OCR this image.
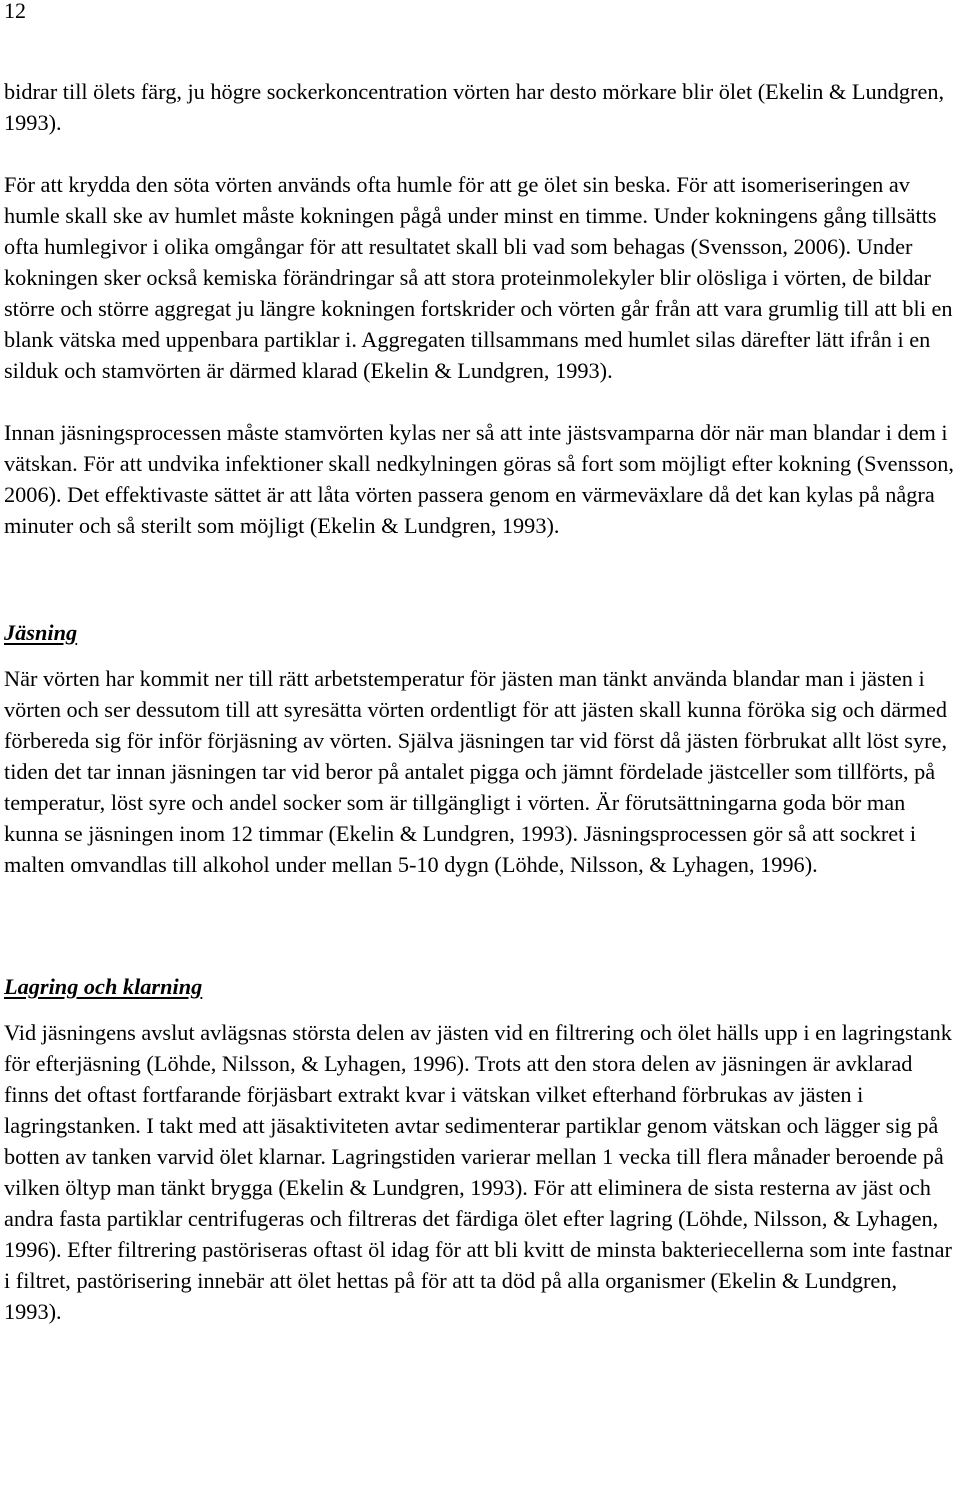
12

bidrar till ölets färg, ju högre sockerkoncentration vörten har desto mörkare blir ölet (Ekelin & Lundgren, 1993).

För att krydda den söta vörten används ofta humle för att ge ölet sin beska. För att isomeriseringen av humle skall ske av humlet måste kokningen pågå under minst en timme. Under kokningens gång tillsätts ofta humlegivor i olika omgångar för att resultatet skall bli vad som behagas (Svensson, 2006). Under kokningen sker också kemiska förändringar så att stora proteinmolekyler blir olösliga i vörten, de bildar större och större aggregat ju längre kokningen fortskrider och vörten går från att vara grumlig till att bli en blank vätska med uppenbara partiklar i. Aggregaten tillsammans med humlet silas därefter lätt ifrån i en silduk och stamvörten är därmed klarad (Ekelin & Lundgren, 1993).

Innan jäsningsprocessen måste stamvörten kylas ner så att inte jästsvamparna dör när man blandar i dem i vätskan. För att undvika infektioner skall nedkylningen göras så fort som möjligt efter kokning (Svensson, 2006). Det effektivaste sättet är att låta vörten passera genom en värmeväxlare då det kan kylas på några minuter och så sterilt som möjligt (Ekelin & Lundgren, 1993).

Jäsning

När vörten har kommit ner till rätt arbetstemperatur för jästen man tänkt använda blandar man i jästen i vörten och ser dessutom till att syresätta vörten ordentligt för att jästen skall kunna föröka sig och därmed förbereda sig för inför förjäsning av vörten. Själva jäsningen tar vid först då jästen förbrukat allt löst syre, tiden det tar innan jäsningen tar vid beror på antalet pigga och jämnt fördelade jästceller som tillförts, på temperatur, löst syre och andel socker som är tillgängligt i vörten. Är förutsättningarna goda bör man kunna se jäsningen inom 12 timmar (Ekelin & Lundgren, 1993). Jäsningsprocessen gör så att sockret i malten omvandlas till alkohol under mellan 5-10 dygn (Löhde, Nilsson, & Lyhagen, 1996).

Lagring och klarning

Vid jäsningens avslut avlägsnas största delen av jästen vid en filtrering och ölet hälls upp i en lagringstank för efterjäsning (Löhde, Nilsson, & Lyhagen, 1996). Trots att den stora delen av jäsningen är avklarad finns det oftast fortfarande förjäsbart extrakt kvar i vätskan vilket efterhand förbrukas av jästen i lagringstanken. I takt med att jäsaktiviteten avtar sedimenterar partiklar genom vätskan och lägger sig på botten av tanken varvid ölet klarnar. Lagringstiden varierar mellan 1 vecka till flera månader beroende på vilken öltyp man tänkt brygga (Ekelin & Lundgren, 1993). För att eliminera de sista resterna av jäst och andra fasta partiklar centrifugeras och filtreras det färdiga ölet efter lagring (Löhde, Nilsson, & Lyhagen, 1996). Efter filtrering pastöriseras oftast öl idag för att bli kvitt de minsta bakteriecellerna som inte fastnar i filtret, pastörisering innebär att ölet hettas på för att ta död på alla organismer (Ekelin & Lundgren, 1993).
